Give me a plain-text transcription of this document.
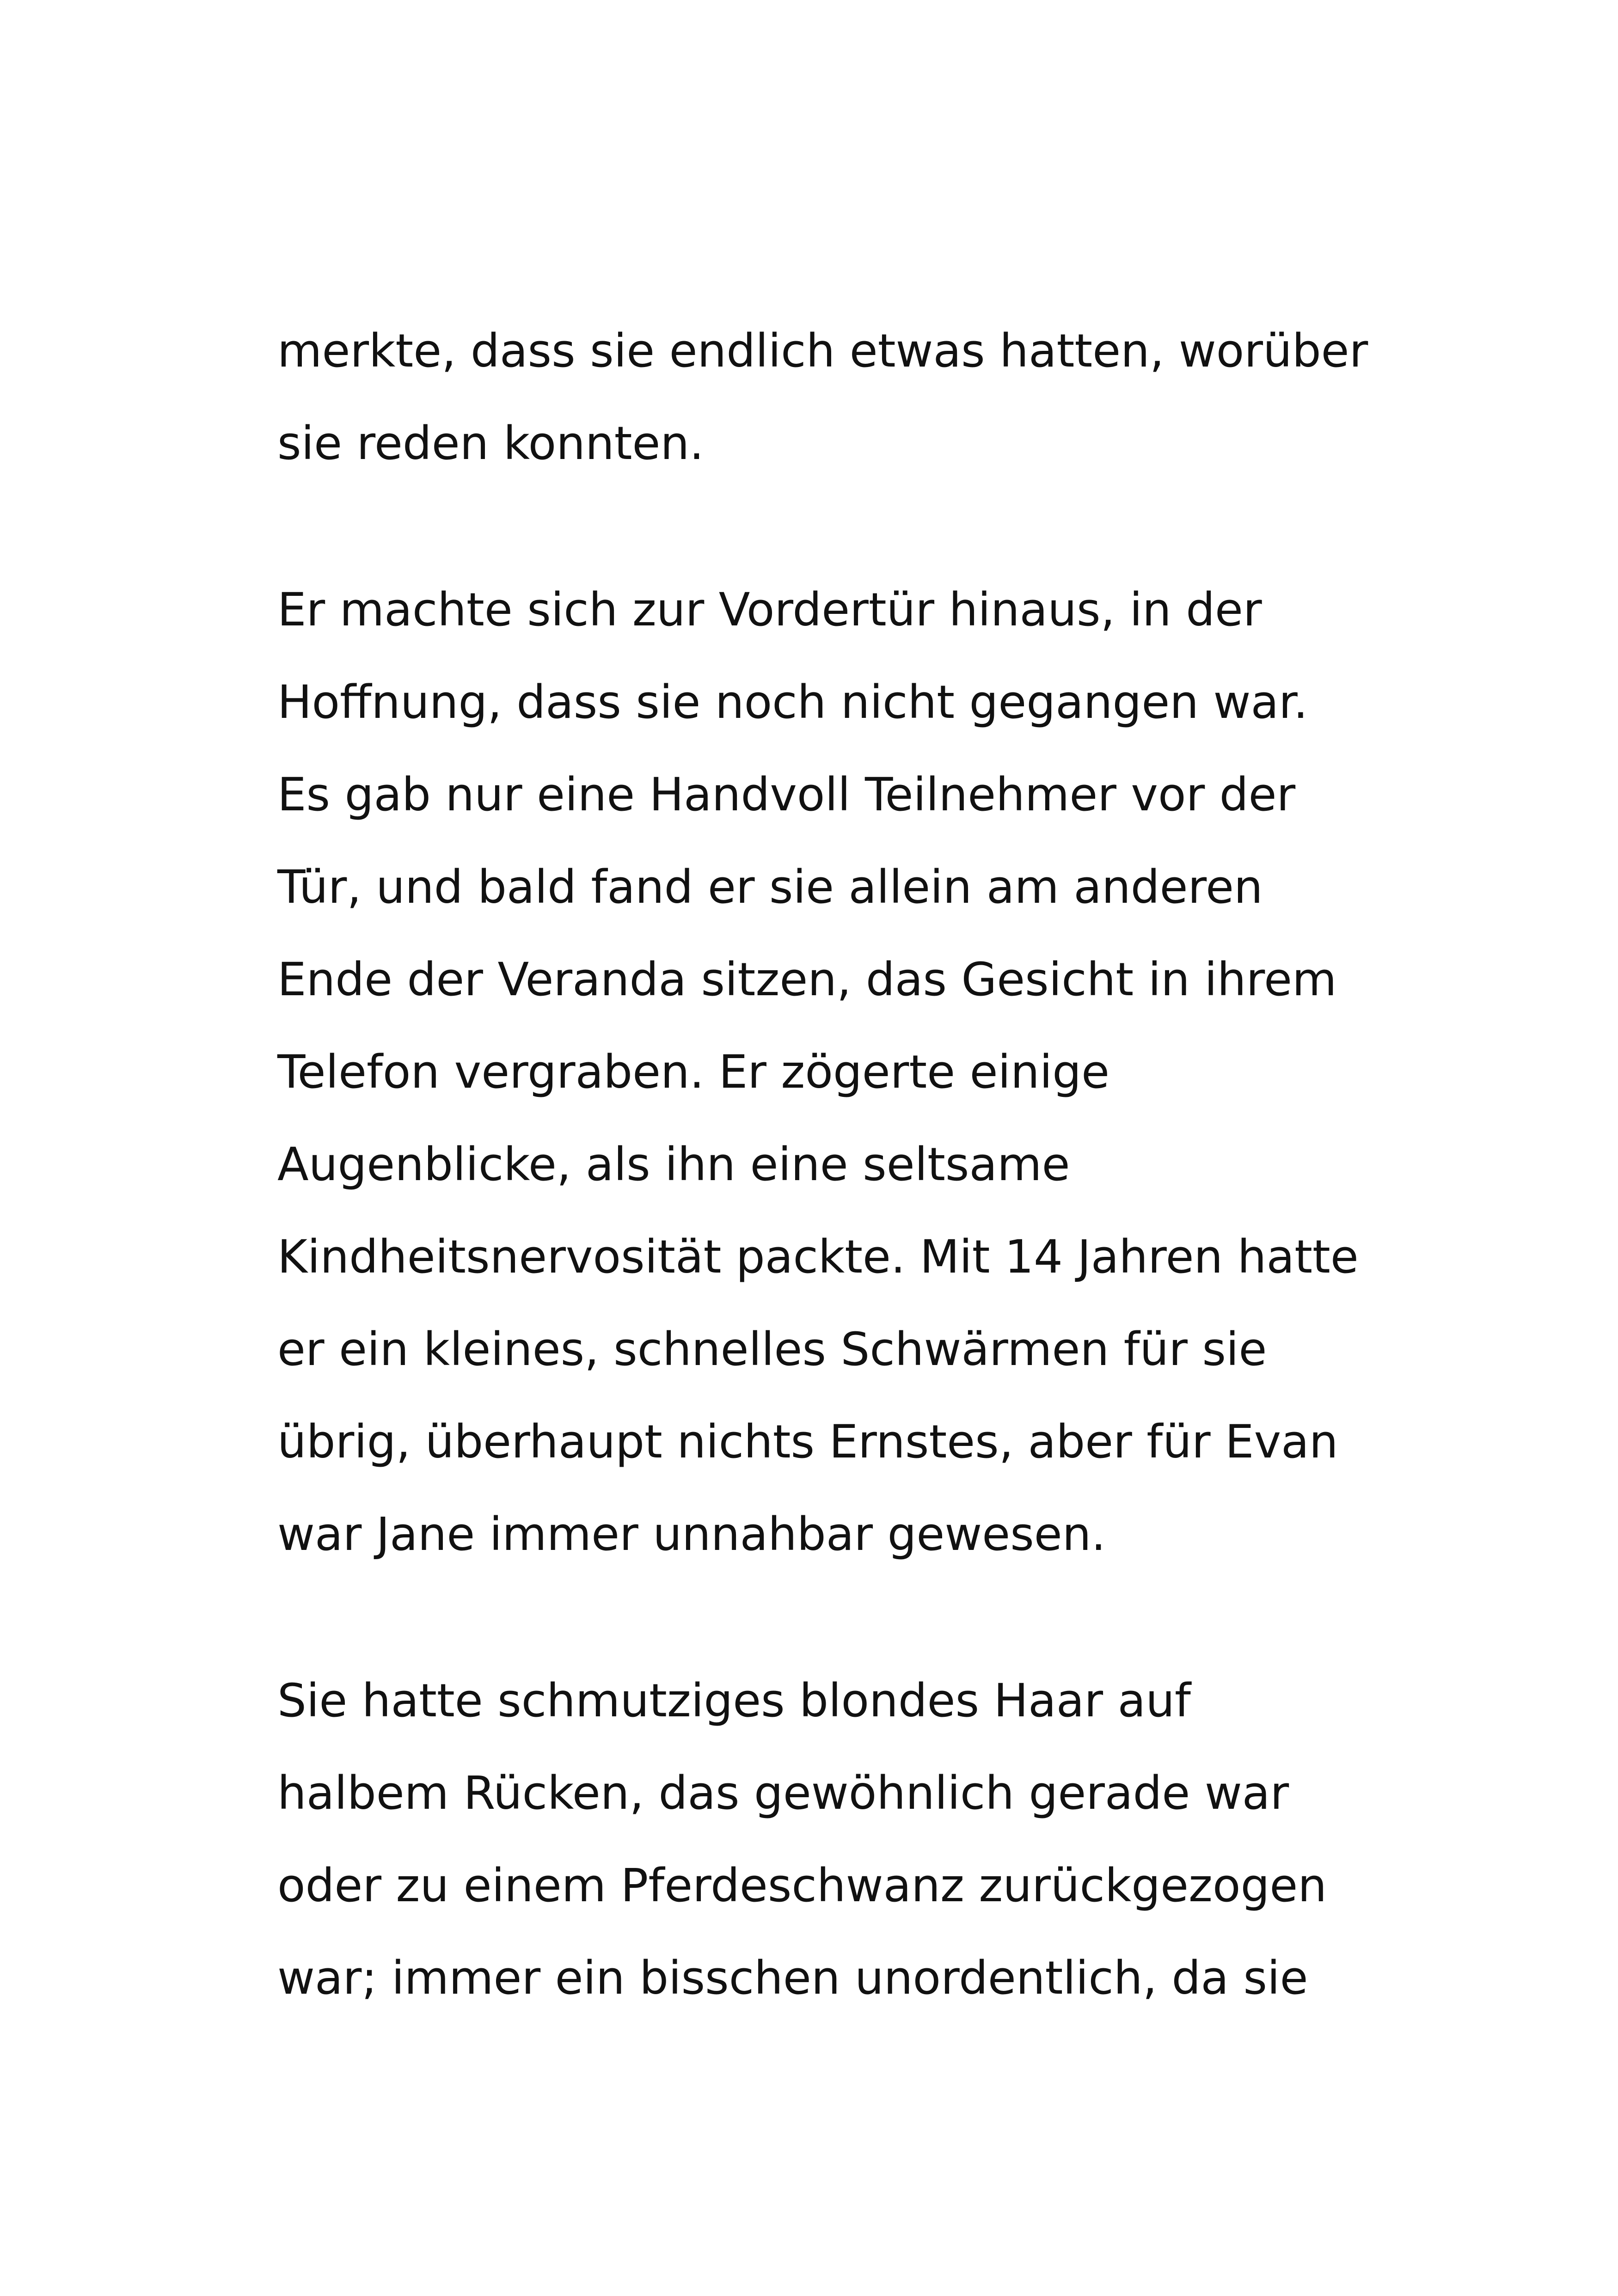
merkte, dass sie endlich etwas hatten, worüber
sie reden konnten.

Er machte sich zur Vordertür hinaus, in der
Hoffnung, dass sie noch nicht gegangen war.
Es gab nur eine Handvoll Teilnehmer vor der
Tür, und bald fand er sie allein am anderen
Ende der Veranda sitzen, das Gesicht in ihrem
Telefon vergraben. Er zögerte einige
Augenblicke, als ihn eine seltsame
Kindheitsnervosität packte. Mit 14 Jahren hatte
er ein kleines, schnelles Schwärmen für sie
übrig, überhaupt nichts Ernstes, aber für Evan
war Jane immer unnahbar gewesen.

Sie hatte schmutziges blondes Haar auf
halbem Rücken, das gewöhnlich gerade war
oder zu einem Pferdeschwanz zurückgezogen
war; immer ein bisschen unordentlich, da sie
